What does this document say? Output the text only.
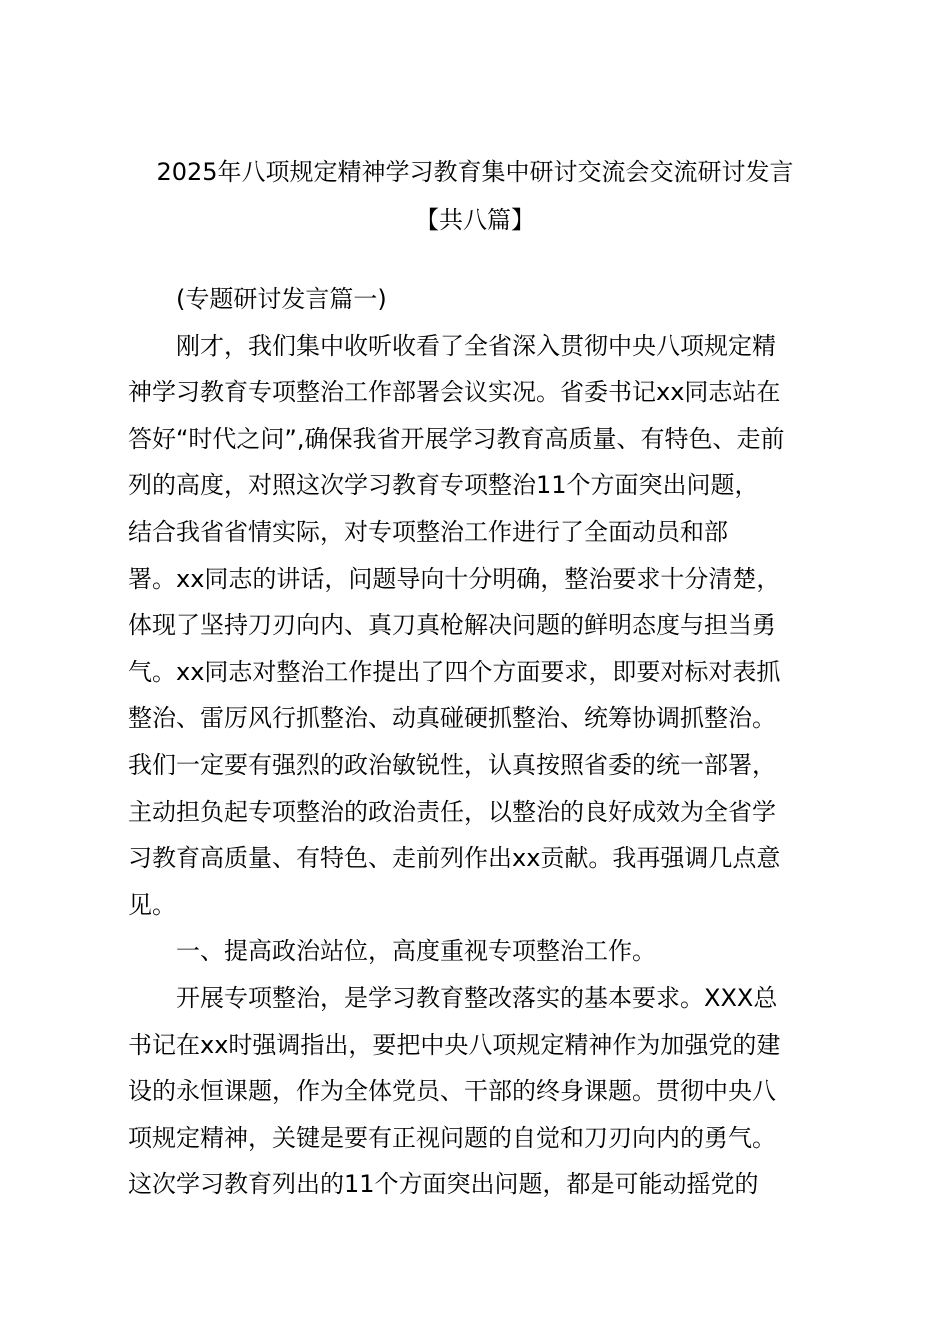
2025年八项规定精神学习教育集中研讨交流会交流研讨发言
【共八篇】
(专题研讨发言篇一)
刚才，我们集中收听收看了全省深入贯彻中央八项规定精
神学习教育专项整治工作部署会议实况。省委书记xx同志站在
答好“时代之问”,确保我省开展学习教育高质量、有特色、走前
列的高度，对照这次学习教育专项整治11个方面突出问题，
结合我省省情实际，对专项整治工作进行了全面动员和部
署。xx同志的讲话，问题导向十分明确，整治要求十分清楚，
体现了坚持刀刃向内、真刀真枪解决问题的鲜明态度与担当勇
气。xx同志对整治工作提出了四个方面要求，即要对标对表抓
整治、雷厉风行抓整治、动真碰硬抓整治、统筹协调抓整治。
我们一定要有强烈的政治敏锐性，认真按照省委的统一部署，
主动担负起专项整治的政治责任，以整治的良好成效为全省学
习教育高质量、有特色、走前列作出xx贡献。我再强调几点意
见。
一、提高政治站位，高度重视专项整治工作。
开展专项整治，是学习教育整改落实的基本要求。XXX总
书记在xx时强调指出，要把中央八项规定精神作为加强党的建
设的永恒课题，作为全体党员、干部的终身课题。贯彻中央八
项规定精神，关键是要有正视问题的自觉和刀刃向内的勇气。
这次学习教育列出的11个方面突出问题，都是可能动摇党的
